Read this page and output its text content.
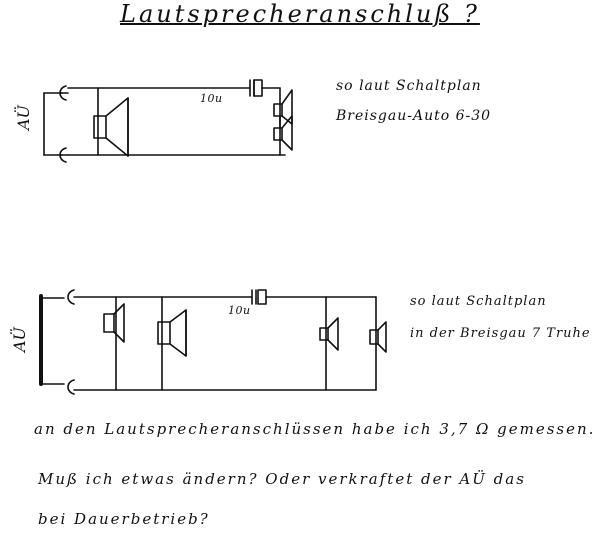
Lautsprecheranschluß ?
AÜ
10u
so laut Schaltplan
Breisgau-Auto 6-30
AÜ
10u
so laut Schaltplan
in der Breisgau 7 Truhe
an den Lautsprecheranschlüssen habe ich 3,7 Ω gemessen.
Muß ich etwas ändern? Oder verkraftet der AÜ das
bei Dauerbetrieb?
